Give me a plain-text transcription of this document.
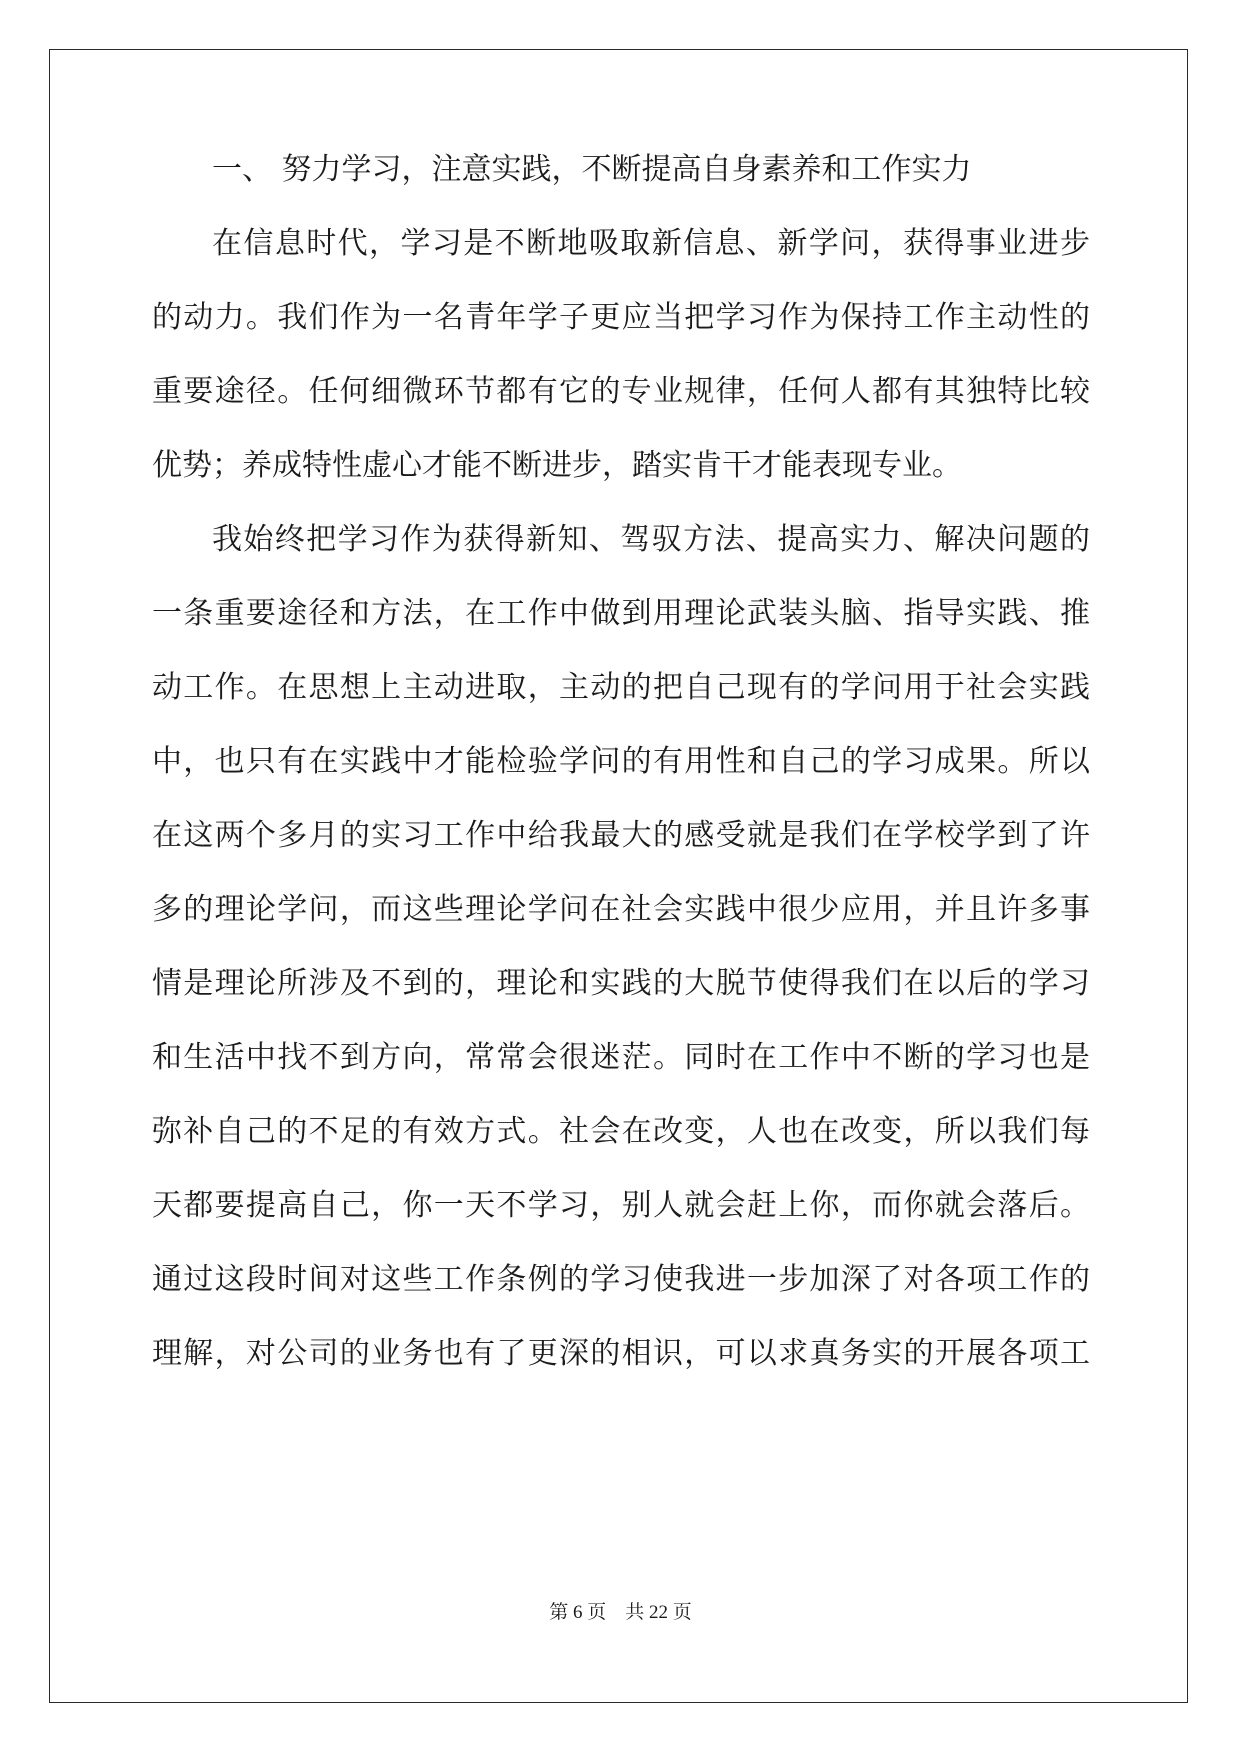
一、 努力学习，注意实践，不断提高自身素养和工作实力
在信息时代，学习是不断地吸取新信息、新学问，获得事业进步
的动力。我们作为一名青年学子更应当把学习作为保持工作主动性的
重要途径。任何细微环节都有它的专业规律，任何人都有其独特比较
优势；养成特性虚心才能不断进步，踏实肯干才能表现专业。
我始终把学习作为获得新知、驾驭方法、提高实力、解决问题的
一条重要途径和方法，在工作中做到用理论武装头脑、指导实践、推
动工作。在思想上主动进取，主动的把自己现有的学问用于社会实践
中，也只有在实践中才能检验学问的有用性和自己的学习成果。所以
在这两个多月的实习工作中给我最大的感受就是我们在学校学到了许
多的理论学问，而这些理论学问在社会实践中很少应用，并且许多事
情是理论所涉及不到的，理论和实践的大脱节使得我们在以后的学习
和生活中找不到方向，常常会很迷茫。同时在工作中不断的学习也是
弥补自己的不足的有效方式。社会在改变，人也在改变，所以我们每
天都要提高自己，你一天不学习，别人就会赶上你，而你就会落后。
通过这段时间对这些工作条例的学习使我进一步加深了对各项工作的
理解，对公司的业务也有了更深的相识，可以求真务实的开展各项工
第 6 页 共 22 页
